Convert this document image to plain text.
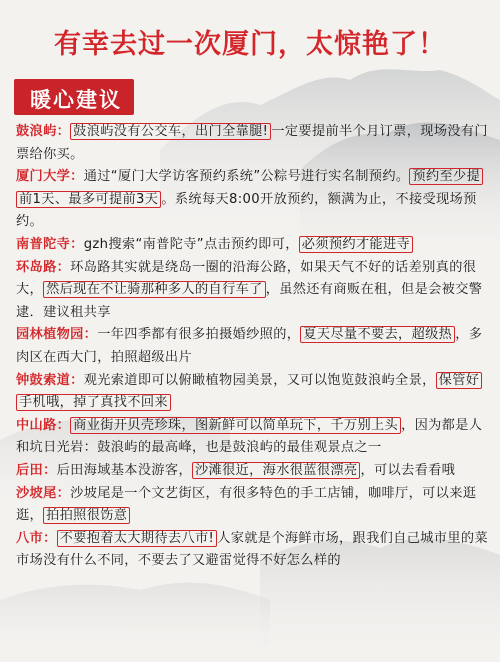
有幸去过一次厦门，太惊艳了！
暖心建议
鼓浪屿： 鼓浪屿没有公交车，出门全靠腿! 一定要提前半个月订票，现场没有门票给你买。
厦门大学：通过“厦门大学访客预约系统”公粽号进行实名制预约。 预约至少提前1天、最多可提前3天 。系统每天8:00开放预约，额满为止，不接受现场预约。
南普陀寺：gzh搜索“南普陀寺”点击预约即可， 必须预约才能进寺
环岛路：环岛路其实就是绕岛一圈的沿海公路，如果天气不好的话差别真的很大， 然后现在不让骑那种多人的自行车了 ，虽然还有商贩在租，但是会被交警逮．建议租共享
园林植物园：一年四季都有很多拍摄婚纱照的， 夏天尽量不要去，超级热 ，多肉区在西大门，拍照超级出片
钟鼓索道：观光索道即可以俯瞰植物园美景，又可以饱览鼓浪屿全景， 保管好手机哦，掉了真找不回来
中山路： 商业街开贝壳珍珠，图新鲜可以简单玩下，千万别上头 ，因为都是人和坑日光岩：鼓浪屿的最高峰，也是鼓浪屿的最佳观景点之一
后田：后田海域基本没游客， 沙滩很近，海水很蓝很漂亮 ，可以去看看哦
沙坡尾：沙坡尾是一个文艺街区，有很多特色的手工店铺，咖啡厅，可以来逛逛， 拍拍照很饬意
八市： 不要抱着太大期待去八市! 人家就是个海鲜市场，跟我们自己城市里的菜市场没有什么不同，不要去了又避雷觉得不好怎么样的
